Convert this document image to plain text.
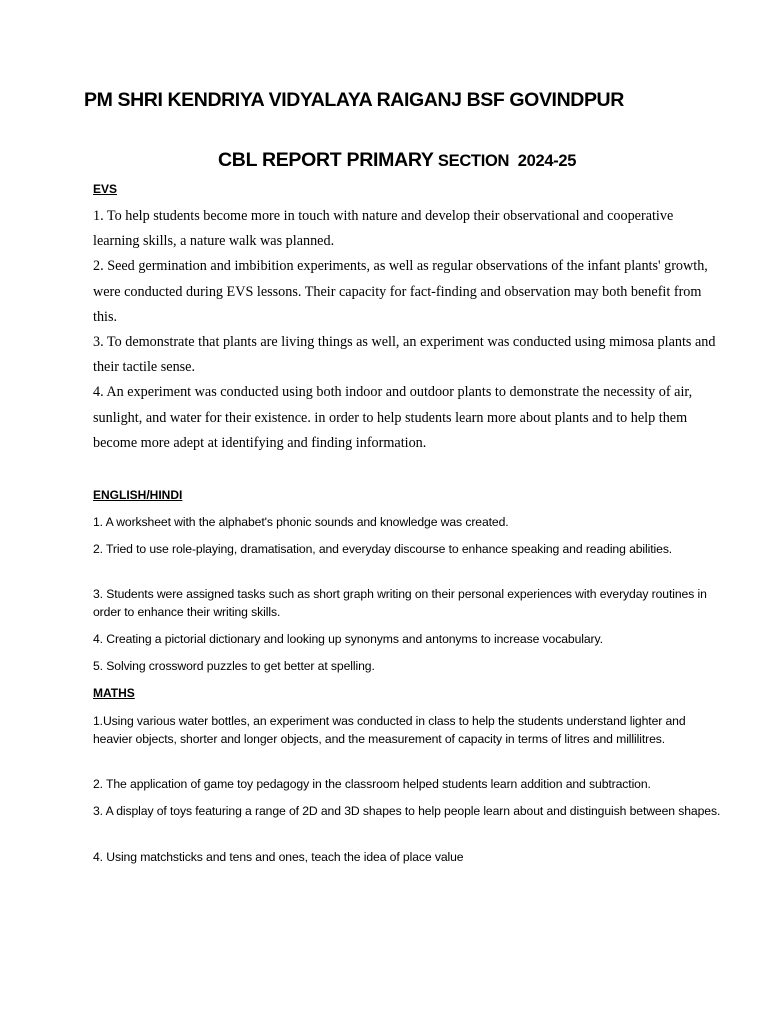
PM SHRI KENDRIYA VIDYALAYA RAIGANJ BSF GOVINDPUR
CBL REPORT PRIMARY SECTION  2024-25
EVS

1. To help students become more in touch with nature and develop their observational and cooperative learning skills, a nature walk was planned.

2. Seed germination and imbibition experiments, as well as regular observations of the infant plants' growth, were conducted during EVS lessons. Their capacity for fact-finding and observation may both benefit from this.

3. To demonstrate that plants are living things as well, an experiment was conducted using mimosa plants and their tactile sense.

4. An experiment was conducted using both indoor and outdoor plants to demonstrate the necessity of air, sunlight, and water for their existence. in order to help students learn more about plants and to help them become more adept at identifying and finding information.

ENGLISH/HINDI

1. A worksheet with the alphabet's phonic sounds and knowledge was created.

2. Tried to use role-playing, dramatisation, and everyday discourse to enhance speaking and reading abilities.

3. Students were assigned tasks such as short graph writing on their personal experiences with everyday routines in order to enhance their writing skills.

4. Creating a pictorial dictionary and looking up synonyms and antonyms to increase vocabulary.

5. Solving crossword puzzles to get better at spelling.

MATHS

1.Using various water bottles, an experiment was conducted in class to help the students understand lighter and heavier objects, shorter and longer objects, and the measurement of capacity in terms of litres and millilitres.

2. The application of game toy pedagogy in the classroom helped students learn addition and subtraction.

3. A display of toys featuring a range of 2D and 3D shapes to help people learn about and distinguish between shapes.

4. Using matchsticks and tens and ones, teach the idea of place value
